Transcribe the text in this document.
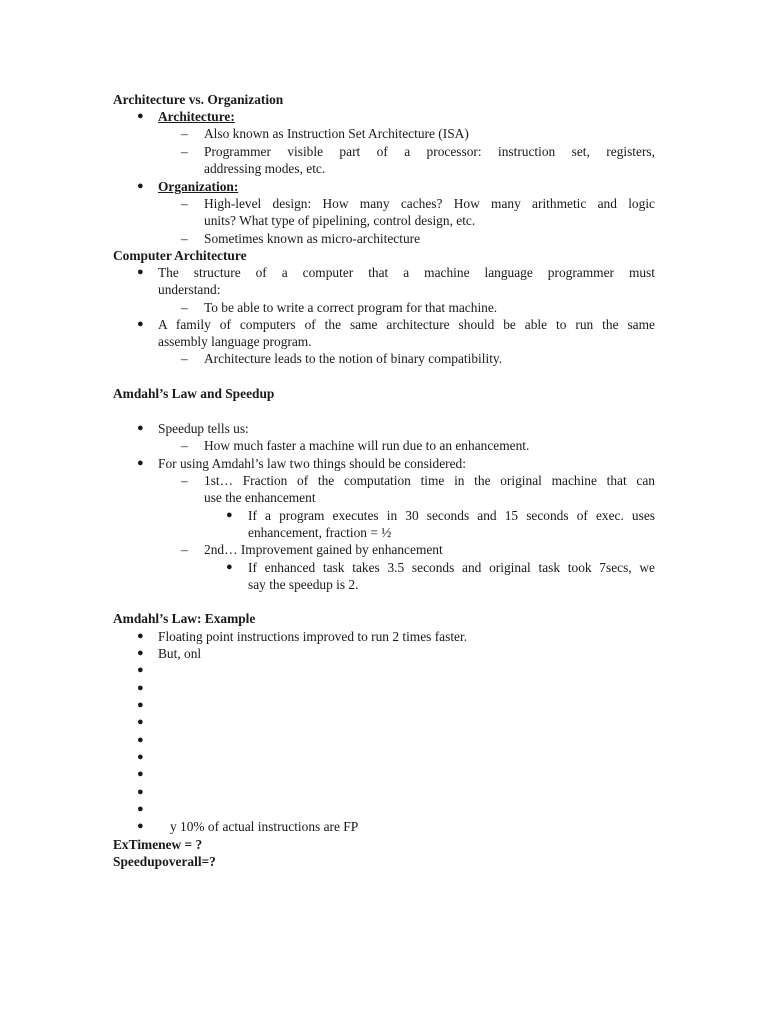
Architecture vs. Organization
● Architecture:
– Also known as Instruction Set Architecture (ISA)
– Programmer visible part of a processor: instruction set, registers,
addressing modes, etc.
● Organization:
– High-level design: How many caches? How many arithmetic and logic
units? What type of pipelining, control design, etc.
– Sometimes known as micro-architecture
Computer Architecture
● The structure of a computer that a machine language programmer must
understand:
– To be able to write a correct program for that machine.
● A family of computers of the same architecture should be able to run the same
assembly language program.
– Architecture leads to the notion of binary compatibility.
Amdahl’s Law and Speedup
● Speedup tells us:
– How much faster a machine will run due to an enhancement.
● For using Amdahl’s law two things should be considered:
– 1st… Fraction of the computation time in the original machine that can
use the enhancement
● If a program executes in 30 seconds and 15 seconds of exec. uses
enhancement, fraction = ½
– 2nd… Improvement gained by enhancement
● If enhanced task takes 3.5 seconds and original task took 7secs, we
say the speedup is 2.
Amdahl’s Law: Example
● Floating point instructions improved to run 2 times faster.
● But, onl
●
●
●
●
●
●
●
●
●
● y 10% of actual instructions are FP
ExTimenew = ?
Speedupoverall=?
